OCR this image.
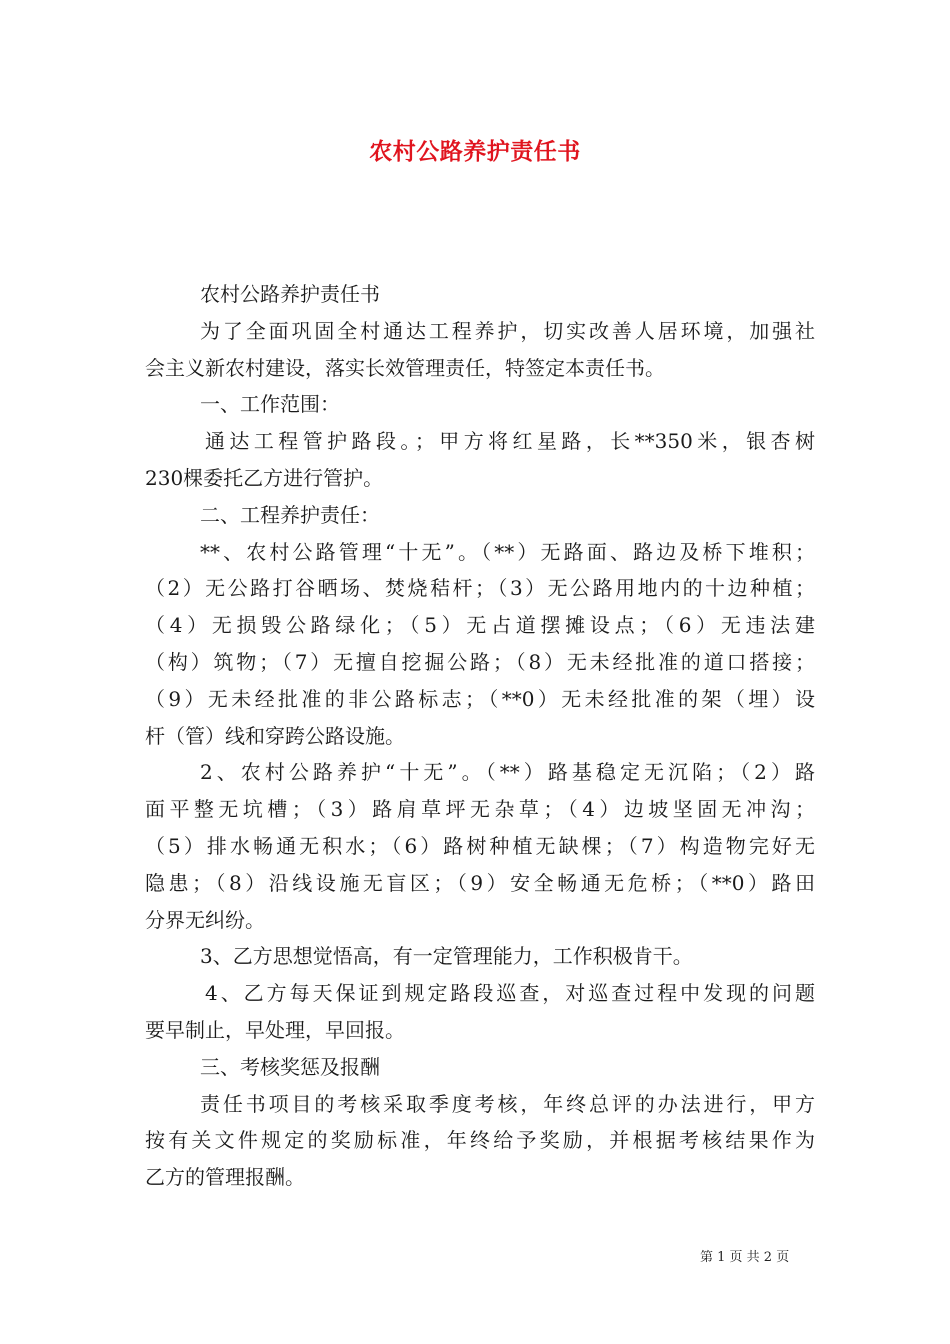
农村公路养护责任书
农村公路养护责任书
为了全面巩固全村通达工程养护，切实改善人居环境，加强社
会主义新农村建设，落实长效管理责任，特签定本责任书。
一、工作范围：
通达工程管护路段。；甲方将红星路，长**350米，银杏树
230棵委托乙方进行管护。
二、工程养护责任：
**、农村公路管理“十无”。（**）无路面、路边及桥下堆积；
（2）无公路打谷晒场、焚烧秸杆；（3）无公路用地内的十边种植；
（4）无损毁公路绿化；（5）无占道摆摊设点；（6）无违法建
（构）筑物；（7）无擅自挖掘公路；（8）无未经批准的道口搭接；
（9）无未经批准的非公路标志；（**0）无未经批准的架（埋）设
杆（管）线和穿跨公路设施。
2、农村公路养护“十无”。（**）路基稳定无沉陷；（2）路
面平整无坑槽；（3）路肩草坪无杂草；（4）边坡坚固无冲沟；
（5）排水畅通无积水；（6）路树种植无缺棵；（7）构造物完好无
隐患；（8）沿线设施无盲区；（9）安全畅通无危桥；（**0）路田
分界无纠纷。
3、乙方思想觉悟高，有一定管理能力，工作积极肯干。
4、乙方每天保证到规定路段巡查，对巡查过程中发现的问题
要早制止，早处理，早回报。
三、考核奖惩及报酬
责任书项目的考核采取季度考核，年终总评的办法进行，甲方
按有关文件规定的奖励标准，年终给予奖励，并根据考核结果作为
乙方的管理报酬。
第 1 页 共 2 页
